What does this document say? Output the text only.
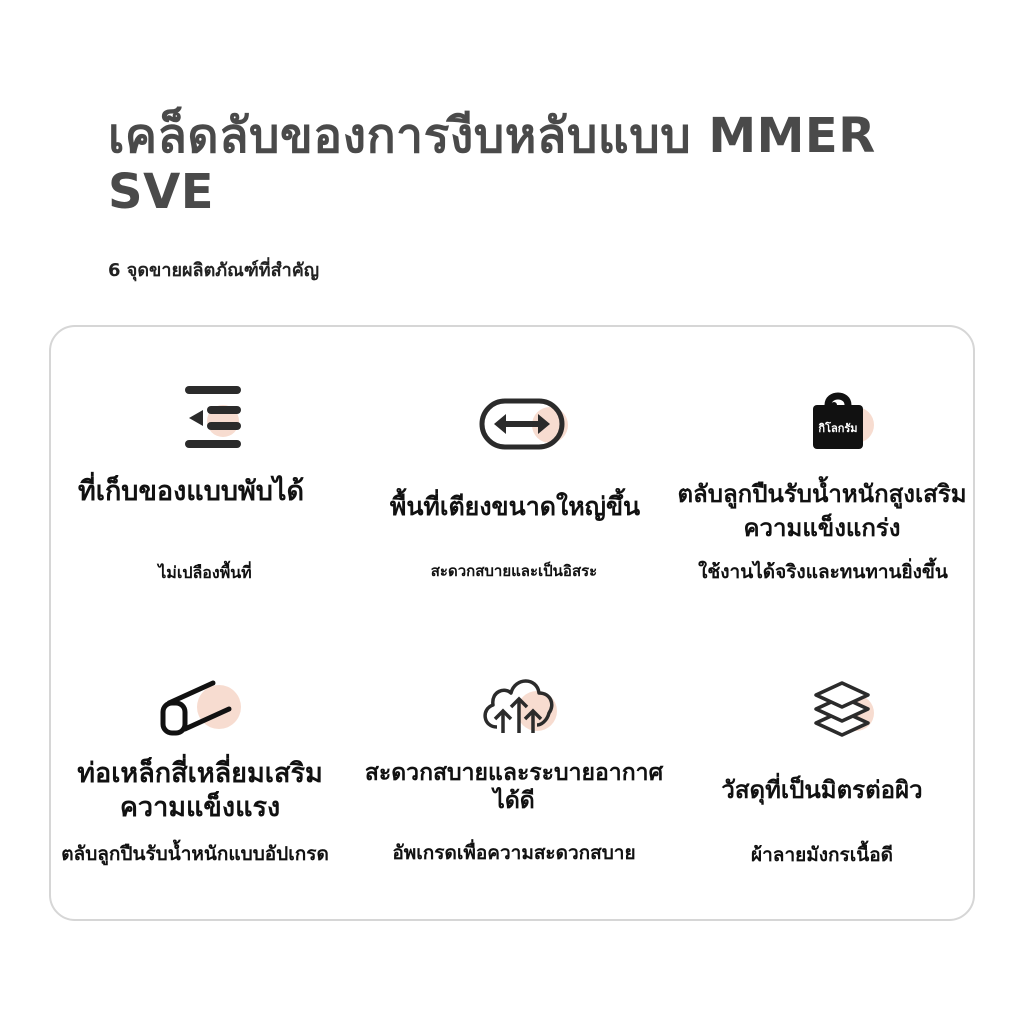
เคล็ดลับของการงีบหลับแบบ MMER SVE
6 จุดขายผลิตภัณฑ์ที่สำคัญ
ที่เก็บของแบบพับได้
ไม่เปลืองพื้นที่
พื้นที่เตียงขนาดใหญ่ขึ้น
สะดวกสบายและเป็นอิสระ
กิโลกรัม
ตลับลูกปืนรับน้ำหนักสูงเสริมความแข็งแกร่ง
ใช้งานได้จริงและทนทานยิ่งขึ้น
ท่อเหล็กสี่เหลี่ยมเสริมความแข็งแรง
ตลับลูกปืนรับน้ำหนักแบบอัปเกรด
สะดวกสบายและระบายอากาศได้ดี
อัพเกรดเพื่อความสะดวกสบาย
วัสดุที่เป็นมิตรต่อผิว
ผ้าลายมังกรเนื้อดี
